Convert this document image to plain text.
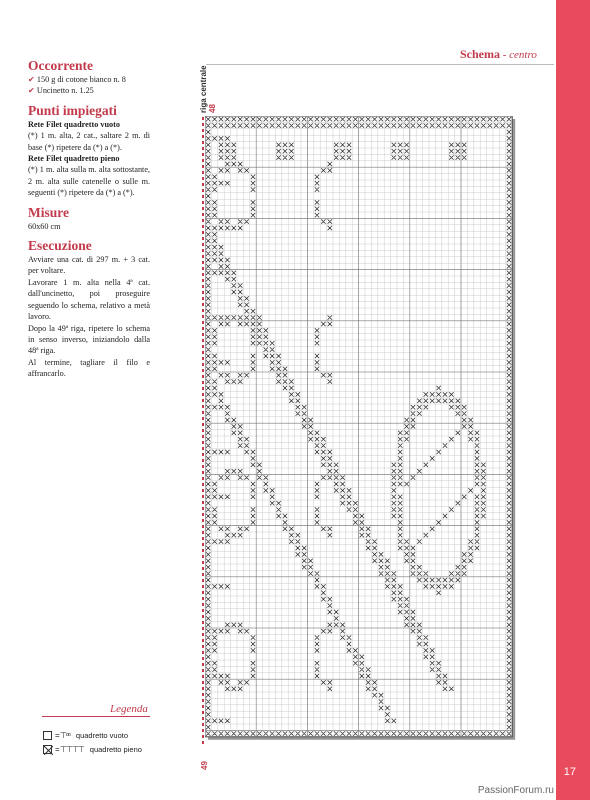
17
PassionForum.ru
Schema - centro
Occorrente

✔ 150 g di cotone bianco n. 8

✔ Uncinetto n. 1.25

Punti impiegati

Rete Filet quadretto vuoto

(*) 1 m. alta, 2 cat., saltare 2 m. di base (*) ripetere da (*) a (*).

Rete Filet quadretto pieno

(*) 1 m. alta sulla m. alta sottostante, 2 m. alta sulle catenelle o sulle m. seguenti (*) ripetere da (*) a (*).

Misure

60x60 cm

Esecuzione

Avviare una cat. di 297 m. + 3 cat. per voltare.

Lavorare 1 m. alta nella 4ª cat. dall'uncinetto, poi proseguire seguendo lo schema, relativo a metà lavoro.

Dopo la 49ª riga, ripetere lo schema in senso inverso, iniziandolo dalla 48ª riga.

Al termine, tagliare il filo e affrancarlo.

Legenda
= ⊤ᵒᵒ quadretto vuoto
= ⊤⊤⊤⊤ quadretto pieno
riga centrale 48
49
